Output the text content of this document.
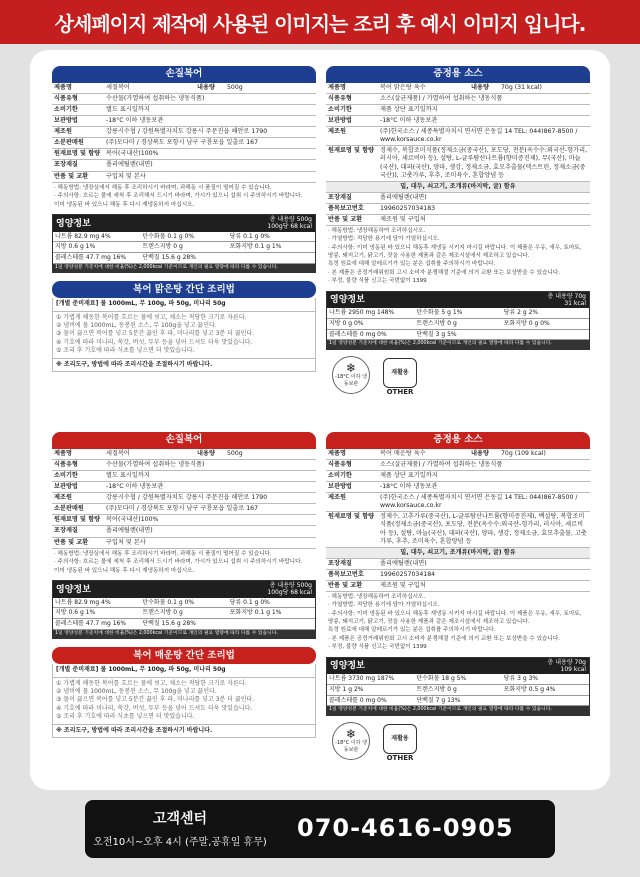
상세페이지 제작에 사용된 이미지는 조리 후 예시 이미지 입니다.
손질복어
제품명	세절복어	내용량	500g
식품유형	수산물(가열하여 섭취하는 냉동식품)		
소비기한	별도 표시일까지		
보관방법	-18°C 이하 냉동보관		
제조원	강릉시수협 / 강원특별자치도 강릉시 주문진읍 해안로 1790		
소분판매원	(주)모다미 / 경상북도 포항시 남구 구룡포읍 일출로 167		
원재료명 및 함량	복어(국내산)100%		
포장재질	폴리에틸렌(내면)		
반품 및 교환	구입처 및 본사		

· 해동방법: 냉장실에서 해동 후 조리하시기 바라며, 과해동 시 품질이 떨어질 수 있습니다.

· 주의사항: 흐르는 물에 세척 후 조리해서 드시기 바라며, 가시가 있으니 섭취 시 주의하시기 바랍니다.

이미 냉동된 바 있으니 해동 후 다시 재냉동하지 마십시오.

영양정보	총 내용량 500g
100g당 68 kcal
나트륨 82.9 mg 4%	탄수화물 0.1 g 0%	당류 0.1 g 0%
지방 0.6 g 1%	트랜스지방 0 g	포화지방 0.1 g 1%
콜레스테롤 47.7 mg 16%	단백질 15.6 g 28%
1일 영양성분 기준치에 대한 비율(%)은 2,000kcal 기준이므로 개인의 필요 열량에 따라 다를 수 있습니다.
복어 맑은탕 간단 조리법
[개별 준비재료] 물 1000mL, 무 100g, 파 50g, 미나리 50g
① 가볍게 해동한 복어를 흐르는 물에 씻고, 채소는 적당한 크기로 자른다.
② 냄비에 물 1000mL, 동봉된 소스, 무 100g을 넣고 끓인다.
③ 물이 끓으면 복어를 넣고 5분간 끓인 후 파, 미나리를 넣고 3분 더 끓인다.
④ 기호에 따라 미나리, 쑥갓, 버섯, 두부 등을 넣어 드셔도 더욱 맛있습니다.
⑤ 조리 후 기호에 따라 식초를 넣으면 더 맛있습니다.
※ 조리도구, 방법에 따라 조리시간을 조절하시기 바랍니다.
증정용 소스
제품명	복어 맑은탕 육수	내용량	70g (31 kcal)
식품유형	소스(살균제품) / 가열하여 섭취하는 냉동식품		
소비기한	제품 상단 표기일까지		
보관방법	-18°C 이하 냉동보관		
제조원	(주)한국소스 / 세종특별자치시 연서면 은동길 14 TEL: 044)867-8500 / www.korsauce.co.kr		
원재료명 및 함량	정제수, 복합조미식품(정제소금(중국산), 포도당, 전분(옥수수:외국산-헝가리, 러시아, 세르비아 등), 설탕, L-글루탐산나트륨(향미증진제), 무(국산), 마늘(국산), 대파(국산), 양파, 생강, 정제소금, 효모추출물(덱스트린, 정제소금(중국산)), 고춧가루, 후추, 조미육수, 혼합양념 등		
밀, 대두, 쇠고기, 조개류(바지락, 굴) 함유
포장재질	폴리에틸렌(내면)
품목보고번호	19960257034183
반품 및 교환	제조원 및 구입처

· 해동방법: 냉장해동하여 조리하십시오.

· 가열방법: 적당한 용기에 담아 가열하십시오.

· 주의사항: 이미 냉동된 바 있으니 해동후 재냉동 시키지 마시길 바랍니다. 이 제품은 우유, 새우, 토마토, 땅콩, 돼지고기, 닭고기, 잣을 사용한 제품과 같은 제조시설에서 제조하고 있습니다.

특정 원료에 대해 알레르기가 있는 분은 섭취를 주의하시기 바랍니다.

· 본 제품은 공정거래위원회 고시 소비자 분쟁해결 기준에 의거 교환 또는 보상받을 수 있습니다.

· 부정, 불량 식품 신고는 국번없이 1399

영양정보	총 내용량 70g
31 kcal
나트륨 2950 mg 148%	탄수화물 5 g 1%	당류 2 g 2%
지방 0 g 0%	트랜스지방 0 g	포화지방 0 g 0%
콜레스테롤 0 mg 0%	단백질 3 g 5%
1일 영양성분 기준치에 대한 비율(%)은 2,000kcal 기준이므로 개인의 필요 열량에 따라 다를 수 있습니다.
❄
-18°C 이하 냉동보관
재활용
OTHER
손질복어
제품명	세절복어	내용량	500g
식품유형	수산물(가열하여 섭취하는 냉동식품)		
소비기한	별도 표시일까지		
보관방법	-18°C 이하 냉동보관		
제조원	강릉시수협 / 강원특별자치도 강릉시 주문진읍 해안로 1790		
소분판매원	(주)모다미 / 경상북도 포항시 남구 구룡포읍 일출로 167		
원재료명 및 함량	복어(국내산)100%		
포장재질	폴리에틸렌(내면)		
반품 및 교환	구입처 및 본사		

· 해동방법: 냉장실에서 해동 후 조리하시기 바라며, 과해동 시 품질이 떨어질 수 있습니다.

· 주의사항: 흐르는 물에 세척 후 조리해서 드시기 바라며, 가시가 있으니 섭취 시 주의하시기 바랍니다.

이미 냉동된 바 있으니 해동 후 다시 재냉동하지 마십시오.

영양정보	총 내용량 500g
100g당 68 kcal
나트륨 82.9 mg 4%	탄수화물 0.1 g 0%	당류 0.1 g 0%
지방 0.6 g 1%	트랜스지방 0 g	포화지방 0.1 g 1%
콜레스테롤 47.7 mg 16%	단백질 15.6 g 28%
1일 영양성분 기준치에 대한 비율(%)은 2,000kcal 기준이므로 개인의 필요 열량에 따라 다를 수 있습니다.
복어 매운탕 간단 조리법
[개별 준비재료] 물 1000mL, 무 100g, 파 50g, 미나리 50g
① 가볍게 해동한 복어를 흐르는 물에 씻고, 채소는 적당한 크기로 자른다.
② 냄비에 물 1000mL, 동봉된 소스, 무 100g을 넣고 끓인다.
③ 물이 끓으면 복어를 넣고 5분간 끓인 후 파, 미나리를 넣고 3분 더 끓인다.
④ 기호에 따라 미나리, 쑥갓, 버섯, 두부 등을 넣어 드셔도 더욱 맛있습니다.
⑤ 조리 후 기호에 따라 식초를 넣으면 더 맛있습니다.
※ 조리도구, 방법에 따라 조리시간을 조절하시기 바랍니다.
증정용 소스
제품명	복어 매운탕 육수	내용량	70g (109 kcal)
식품유형	소스(살균제품) / 가열하여 섭취하는 냉동식품		
소비기한	제품 상단 표기일까지		
보관방법	-18°C 이하 냉동보관		
제조원	(주)한국소스 / 세종특별자치시 연서면 은동길 14 TEL: 044)867-8500 / www.korsauce.co.kr		
원재료명 및 함량	정제수, 고추가루(중국산), L-글루탐산나트륨(향미증진제), 백설탕, 복합조미식품(정제소금(중국산), 포도당, 전분(옥수수:외국산-헝가리, 러시아, 세르비아 등), 설탕, 마늘(국산), 대파(국산), 양파, 생강, 정제소금, 효모추출물, 고춧가루, 후추, 조미육수, 혼합양념 등		
밀, 대두, 쇠고기, 조개류(바지락, 굴) 함유
포장재질	폴리에틸렌(내면)
품목보고번호	19960257034184
반품 및 교환	제조원 및 구입처

· 해동방법: 냉장해동하여 조리하십시오.

· 가열방법: 적당한 용기에 담아 가열하십시오.

· 주의사항: 이미 냉동된 바 있으니 해동후 재냉동 시키지 마시길 바랍니다. 이 제품은 우유, 새우, 토마토, 땅콩, 돼지고기, 닭고기, 잣을 사용한 제품과 같은 제조시설에서 제조하고 있습니다.

특정 원료에 대해 알레르기가 있는 분은 섭취를 주의하시기 바랍니다.

· 본 제품은 공정거래위원회 고시 소비자 분쟁해결 기준에 의거 교환 또는 보상받을 수 있습니다.

· 부정, 불량 식품 신고는 국번없이 1399

영양정보	총 내용량 70g
109 kcal
나트륨 3730 mg 187%	탄수화물 18 g 5%	당류 3 g 3%
지방 1 g 2%	트랜스지방 0 g	포화지방 0.5 g 4%
콜레스테롤 0 mg 0%	단백질 7 g 13%
1일 영양성분 기준치에 대한 비율(%)은 2,000kcal 기준이므로 개인의 필요 열량에 따라 다를 수 있습니다.
❄
-18°C 이하 냉동보관
재활용
OTHER
고객센터
오전10시~오후 4시 (주말,공휴일 휴무)
070-4616-0905
